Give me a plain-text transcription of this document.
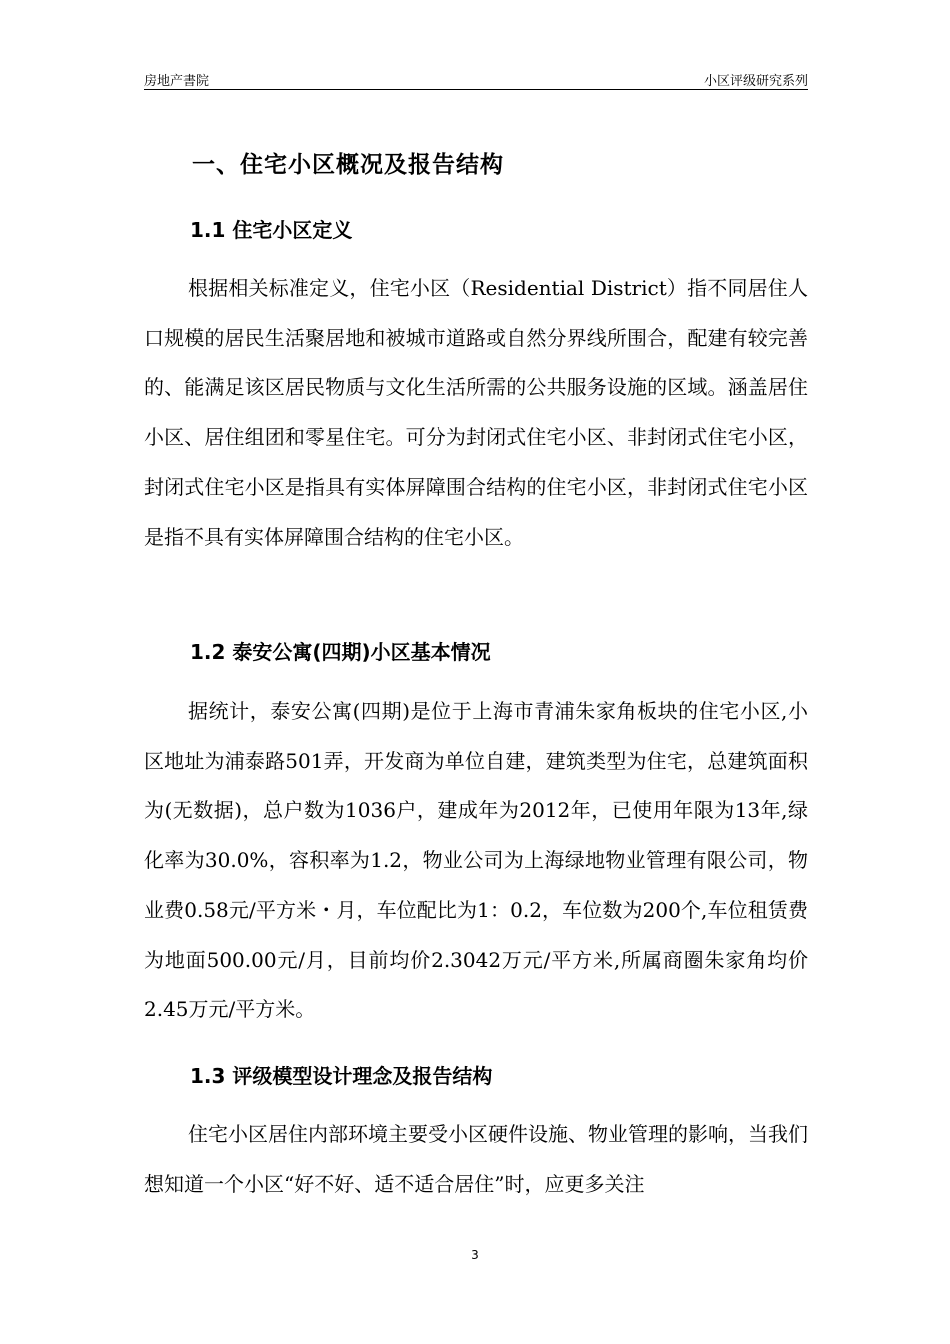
房地产書院	小区评级研究系列
一、住宅小区概况及报告结构
1.1 住宅小区定义
根据相关标准定义，住宅小区（Residential District）指不同居住人口规模的居民生活聚居地和被城市道路或自然分界线所围合，配建有较完善的、能满足该区居民物质与文化生活所需的公共服务设施的区域。涵盖居住小区、居住组团和零星住宅。可分为封闭式住宅小区、非封闭式住宅小区，封闭式住宅小区是指具有实体屏障围合结构的住宅小区，非封闭式住宅小区是指不具有实体屏障围合结构的住宅小区。
1.2 泰安公寓(四期)小区基本情况
据统计，泰安公寓(四期)是位于上海市青浦朱家角板块的住宅小区,小区地址为浦泰路501弄，开发商为单位自建，建筑类型为住宅，总建筑面积为(无数据)，总户数为1036户，建成年为2012年，已使用年限为13年,绿化率为30.0%，容积率为1.2，物业公司为上海绿地物业管理有限公司，物业费0.58元/平方米・月，车位配比为1：0.2，车位数为200个,车位租赁费为地面500.00元/月，目前均价2.3042万元/平方米,所属商圈朱家角均价2.45万元/平方米。
1.3 评级模型设计理念及报告结构
住宅小区居住内部环境主要受小区硬件设施、物业管理的影响，当我们想知道一个小区“好不好、适不适合居住”时，应更多关注
3
